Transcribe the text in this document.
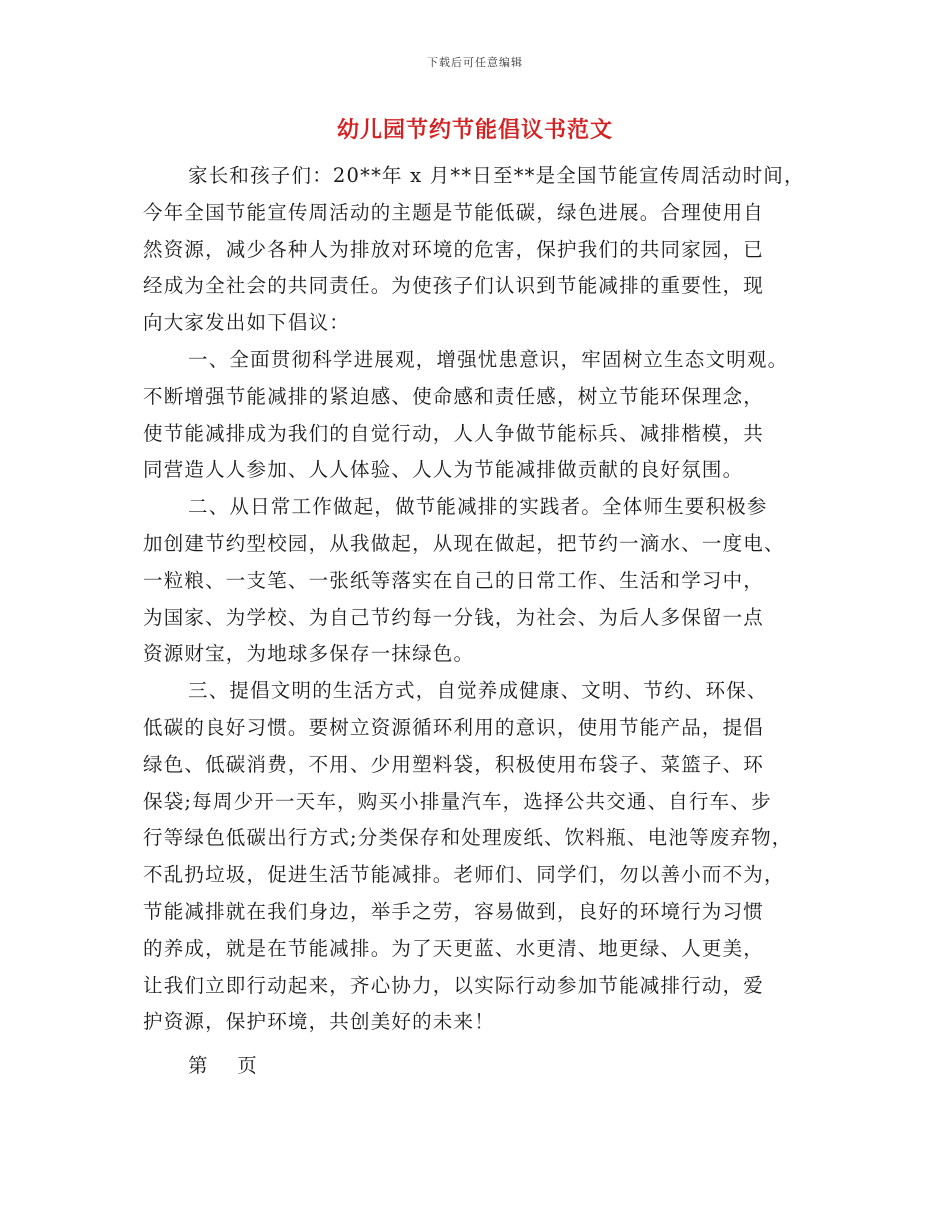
下载后可任意编辑
幼儿园节约节能倡议书范文
家长和孩子们：20**年 x 月**日至**是全国节能宣传周活动时间，
今年全国节能宣传周活动的主题是节能低碳，绿色进展。合理使用自
然资源，减少各种人为排放对环境的危害，保护我们的共同家园，已
经成为全社会的共同责任。为使孩子们认识到节能减排的重要性，现
向大家发出如下倡议：
一、全面贯彻科学进展观，增强忧患意识，牢固树立生态文明观。
不断增强节能减排的紧迫感、使命感和责任感，树立节能环保理念，
使节能减排成为我们的自觉行动，人人争做节能标兵、减排楷模，共
同营造人人参加、人人体验、人人为节能减排做贡献的良好氛围。
二、从日常工作做起，做节能减排的实践者。全体师生要积极参
加创建节约型校园，从我做起，从现在做起，把节约一滴水、一度电、
一粒粮、一支笔、一张纸等落实在自己的日常工作、生活和学习中，
为国家、为学校、为自己节约每一分钱，为社会、为后人多保留一点
资源财宝，为地球多保存一抹绿色。
三、提倡文明的生活方式，自觉养成健康、文明、节约、环保、
低碳的良好习惯。要树立资源循环利用的意识，使用节能产品，提倡
绿色、低碳消费，不用、少用塑料袋，积极使用布袋子、菜篮子、环
保袋;每周少开一天车，购买小排量汽车，选择公共交通、自行车、步
行等绿色低碳出行方式;分类保存和处理废纸、饮料瓶、电池等废弃物，
不乱扔垃圾，促进生活节能减排。老师们、同学们，勿以善小而不为，
节能减排就在我们身边，举手之劳，容易做到，良好的环境行为习惯
的养成，就是在节能减排。为了天更蓝、水更清、地更绿、人更美，
让我们立即行动起来，齐心协力，以实际行动参加节能减排行动，爱
护资源，保护环境，共创美好的未来！
第    页
